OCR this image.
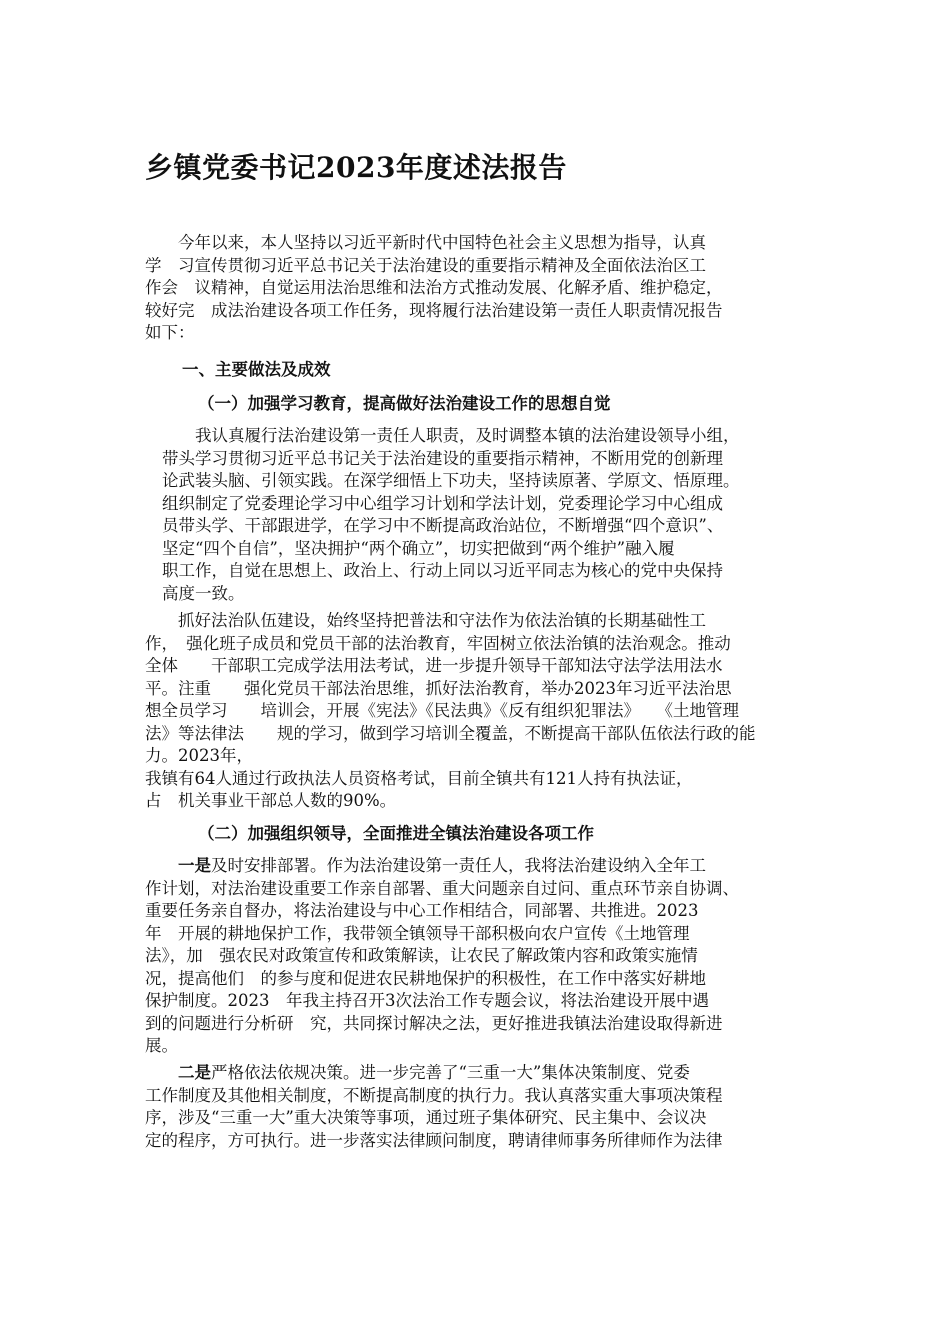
乡镇党委书记2023年度述法报告
　　今年以来，本人坚持以习近平新时代中国特色社会主义思想为指导，认真
学　习宣传贯彻习近平总书记关于法治建设的重要指示精神及全面依法治区工
作会　议精神，自觉运用法治思维和法治方式推动发展、化解矛盾、维护稳定，
较好完　成法治建设各项工作任务，现将履行法治建设第一责任人职责情况报告
如下：

一、主要做法及成效

（一）加强学习教育，提高做好法治建设工作的思想自觉

　　我认真履行法治建设第一责任人职责，及时调整本镇的法治建设领导小组，
带头学习贯彻习近平总书记关于法治建设的重要指示精神，不断用党的创新理
论武装头脑、引领实践。在深学细悟上下功夫，坚持读原著、学原文、悟原理。
组织制定了党委理论学习中心组学习计划和学法计划，党委理论学习中心组成
员带头学、干部跟进学，在学习中不断提高政治站位，不断增强“四个意识”、
坚定“四个自信”，坚决拥护“两个确立”，切实把做到“两个维护”融入履
职工作，自觉在思想上、政治上、行动上同以习近平同志为核心的党中央保持
高度一致。
　　抓好法治队伍建设，始终坚持把普法和守法作为依法治镇的长期基础性工
作，　强化班子成员和党员干部的法治教育，牢固树立依法治镇的法治观念。推动
全体　　干部职工完成学法用法考试，进一步提升领导干部知法守法学法用法水
平。注重　　强化党员干部法治思维，抓好法治教育，举办2023年习近平法治思
想全员学习　　培训会，开展《宪法》《民法典》《反有组织犯罪法》　　《土地管理
法》等法律法　　规的学习，做到学习培训全覆盖，不断提高干部队伍依法行政的能
力。2023年，
我镇有64人通过行政执法人员资格考试，目前全镇共有121人持有执法证，
占　机关事业干部总人数的90%。

（二）加强组织领导，全面推进全镇法治建设各项工作

　　一是及时安排部署。作为法治建设第一责任人，我将法治建设纳入全年工
作计划，对法治建设重要工作亲自部署、重大问题亲自过问、重点环节亲自协调、
重要任务亲自督办，将法治建设与中心工作相结合，同部署、共推进。2023
年　开展的耕地保护工作，我带领全镇领导干部积极向农户宣传《土地管理
法》，加　强农民对政策宣传和政策解读，让农民了解政策内容和政策实施情
况，提高他们　的参与度和促进农民耕地保护的积极性，在工作中落实好耕地
保护制度。2023　年我主持召开3次法治工作专题会议，将法治建设开展中遇
到的问题进行分析研　究，共同探讨解决之法，更好推进我镇法治建设取得新进
展。
　　二是严格依法依规决策。进一步完善了“三重一大”集体决策制度、党委
工作制度及其他相关制度，不断提高制度的执行力。我认真落实重大事项决策程
序，涉及“三重一大”重大决策等事项，通过班子集体研究、民主集中、会议决
定的程序，方可执行。进一步落实法律顾问制度，聘请律师事务所律师作为法律
